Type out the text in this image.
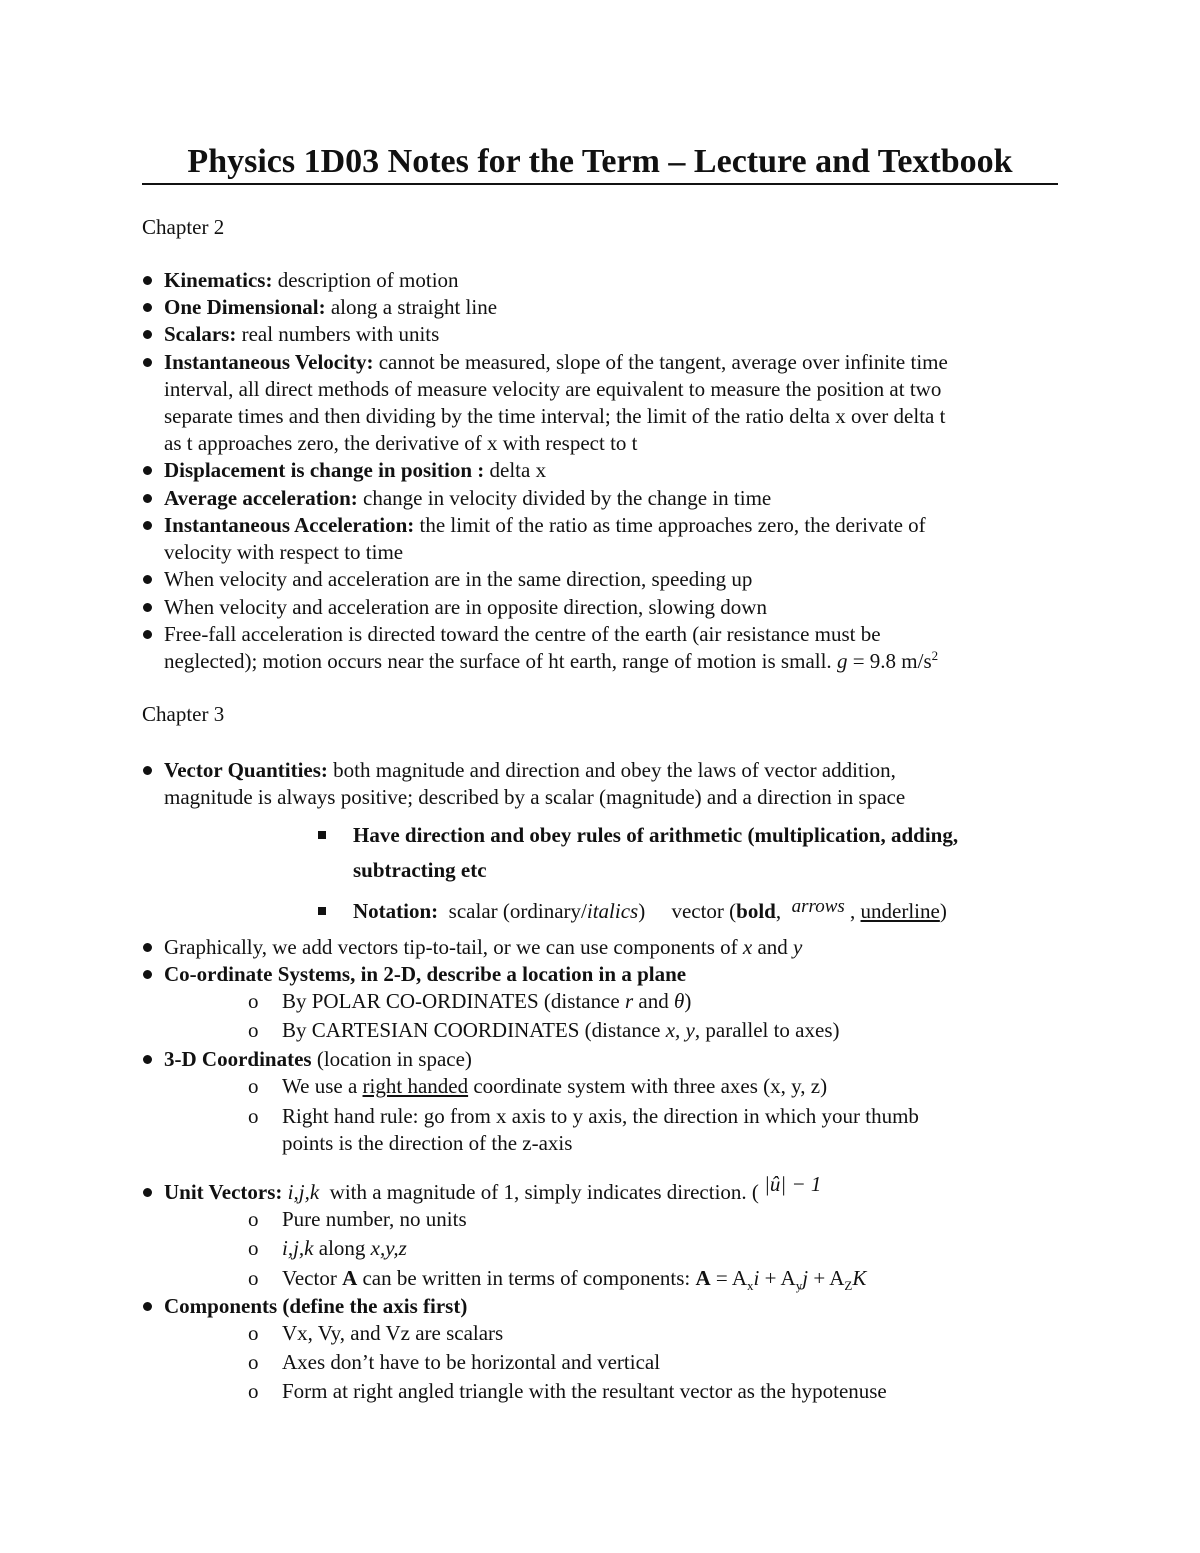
Physics 1D03 Notes for the Term – Lecture and Textbook
Chapter 2
Kinematics: description of motion
One Dimensional: along a straight line
Scalars: real numbers with units
Instantaneous Velocity: cannot be measured, slope of the tangent, average over infinite time
interval, all direct methods of measure velocity are equivalent to measure the position at two
separate times and then dividing by the time interval; the limit of the ratio delta x over delta t
as t approaches zero, the derivative of x with respect to t
Displacement is change in position : delta x
Average acceleration: change in velocity divided by the change in time
Instantaneous Acceleration: the limit of the ratio as time approaches zero, the derivate of
velocity with respect to time
When velocity and acceleration are in the same direction, speeding up
When velocity and acceleration are in opposite direction, slowing down
Free-fall acceleration is directed toward the centre of the earth (air resistance must be
neglected); motion occurs near the surface of ht earth, range of motion is small. g = 9.8 $m/s^2$
Chapter 3
Vector Quantities: both magnitude and direction and obey the laws of vector addition,
magnitude is always positive; described by a scalar (magnitude) and a direction in space
Have direction and obey rules of arithmetic (multiplication, adding,
subtracting etc
Notation:  scalar (ordinary/italics)     vector (bold,  arrows , underline)
Graphically, we add vectors tip-to-tail, or we can use components of x and y
Co-ordinate Systems, in 2-D, describe a location in a plane
o By POLAR CO-ORDINATES (distance r and θ)
o By CARTESIAN COORDINATES (distance x, y, parallel to axes)
3-D Coordinates (location in space)
o We use a right handed coordinate system with three axes (x, y, z)
o Right hand rule: go from x axis to y axis, the direction in which your thumb
points is the direction of the z-axis
Unit Vectors: i,j,k  with a magnitude of 1, simply indicates direction. ( |û| − 1
o Pure number, no units
o i,j,k along x,y,z
o Vector A can be written in terms of components: $A = A_xi + A_yj + A_ZK$
Components (define the axis first)
o Vx, Vy, and Vz are scalars
o Axes don’t have to be horizontal and vertical
o Form at right angled triangle with the resultant vector as the hypotenuse
